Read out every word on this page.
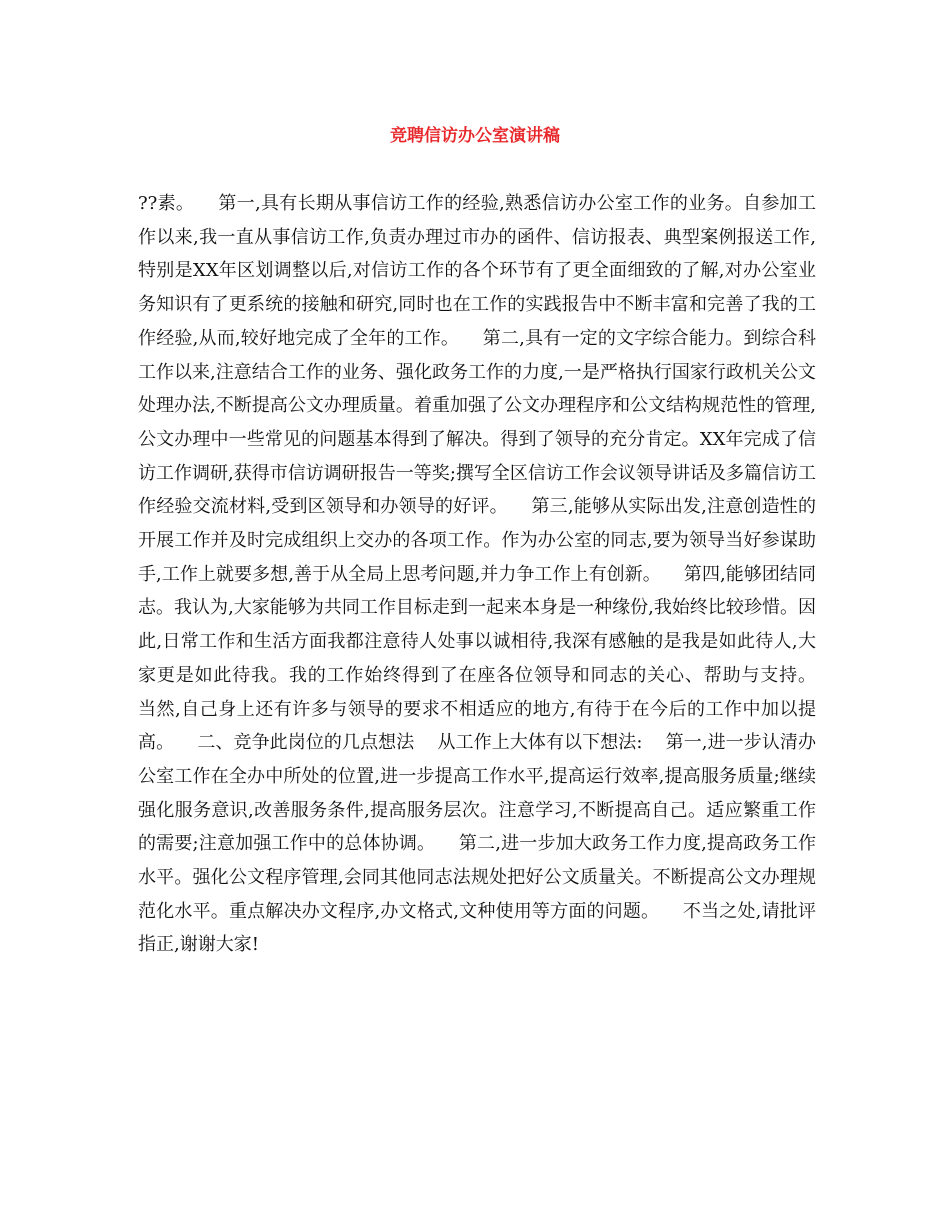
竞聘信访办公室演讲稿

??素。    第一,具有长期从事信访工作的经验,熟悉信访办公室工作的业务。自参加工作以来,我一直从事信访工作,负责办理过市办的函件、信访报表、典型案例报送工作,特别是XX年区划调整以后,对信访工作的各个环节有了更全面细致的了解,对办公室业务知识有了更系统的接触和研究,同时也在工作的实践报告中不断丰富和完善了我的工作经验,从而,较好地完成了全年的工作。    第二,具有一定的文字综合能力。到综合科工作以来,注意结合工作的业务、强化政务工作的力度,一是严格执行国家行政机关公文处理办法,不断提高公文办理质量。着重加强了公文办理程序和公文结构规范性的管理,公文办理中一些常见的问题基本得到了解决。得到了领导的充分肯定。XX年完成了信访工作调研,获得市信访调研报告一等奖;撰写全区信访工作会议领导讲话及多篇信访工作经验交流材料,受到区领导和办领导的好评。    第三,能够从实际出发,注意创造性的开展工作并及时完成组织上交办的各项工作。作为办公室的同志,要为领导当好参谋助手,工作上就要多想,善于从全局上思考问题,并力争工作上有创新。    第四,能够团结同志。我认为,大家能够为共同工作目标走到一起来本身是一种缘份,我始终比较珍惜。因此,日常工作和生活方面我都注意待人处事以诚相待,我深有感触的是我是如此待人,大家更是如此待我。我的工作始终得到了在座各位领导和同志的关心、帮助与支持。    当然,自己身上还有许多与领导的要求不相适应的地方,有待于在今后的工作中加以提高。    二、竞争此岗位的几点想法    从工作上大体有以下想法:    第一,进一步认清办公室工作在全办中所处的位置,进一步提高工作水平,提高运行效率,提高服务质量;继续强化服务意识,改善服务条件,提高服务层次。注意学习,不断提高自己。适应繁重工作的需要;注意加强工作中的总体协调。    第二,进一步加大政务工作力度,提高政务工作水平。强化公文程序管理,会同其他同志法规处把好公文质量关。不断提高公文办理规范化水平。重点解决办文程序,办文格式,文种使用等方面的问题。    不当之处,请批评指正,谢谢大家!
